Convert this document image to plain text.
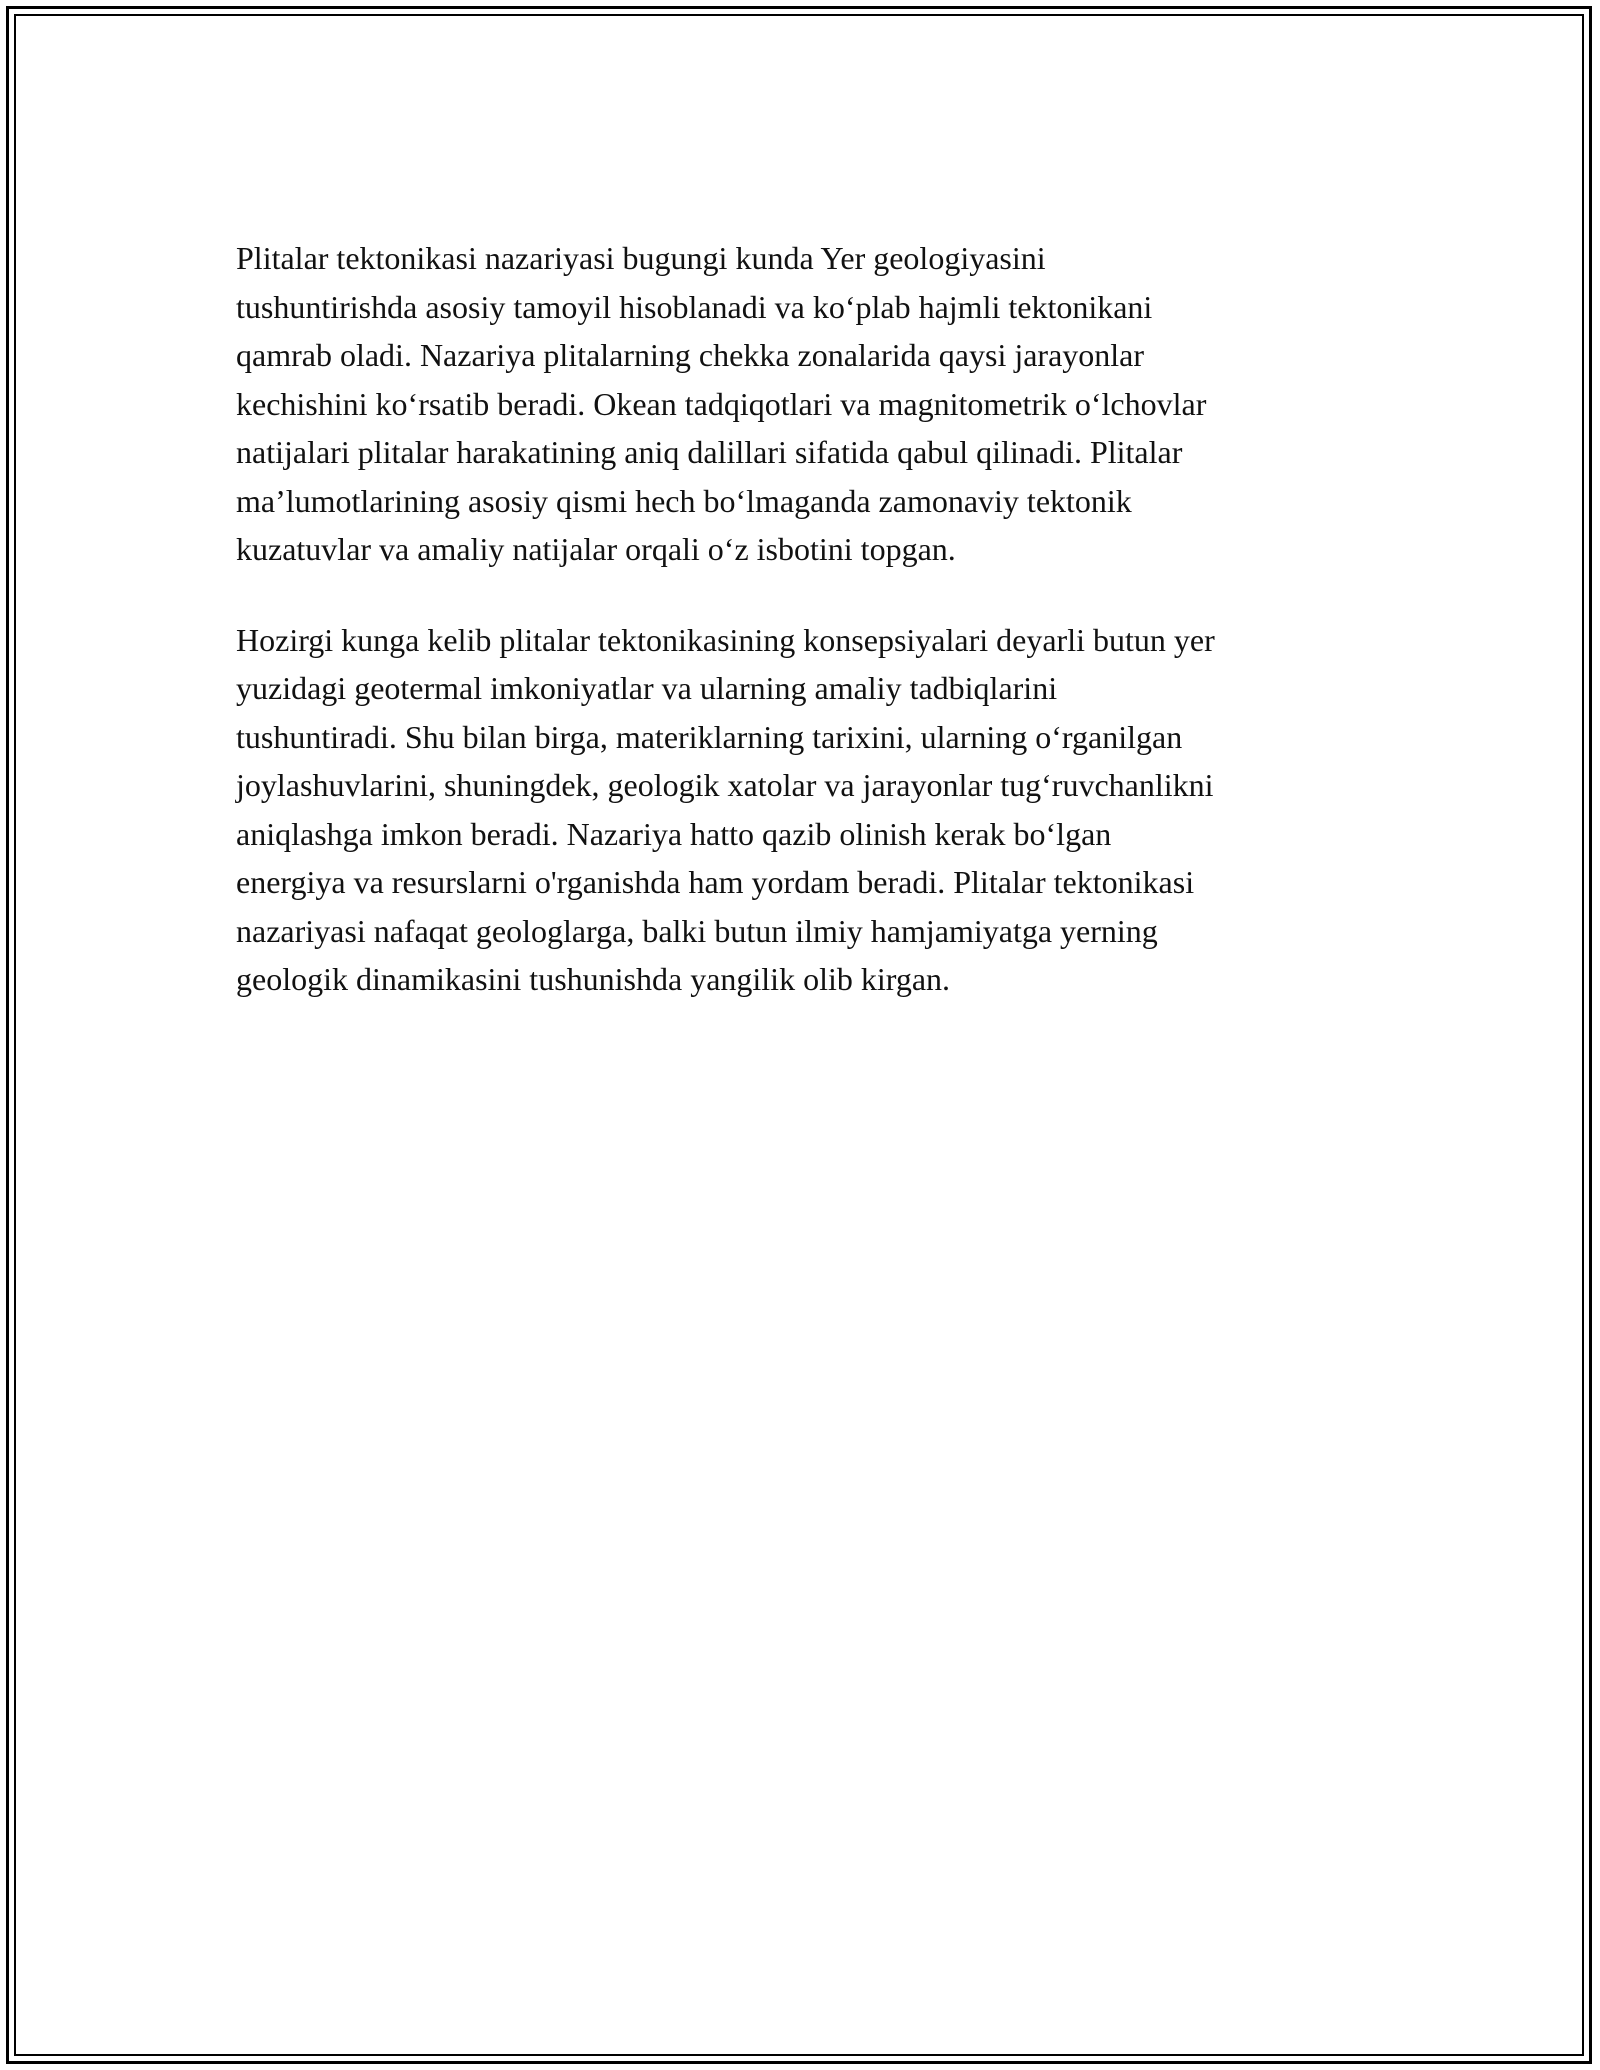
Plitalar tektonikasi nazariyasi bugungi kunda Yer geologiyasini
tushuntirishda asosiy tamoyil hisoblanadi va ko‘plab hajmli tektonikani
qamrab oladi. Nazariya plitalarning chekka zonalarida qaysi jarayonlar
kechishini ko‘rsatib beradi. Okean tadqiqotlari va magnitometrik o‘lchovlar
natijalari plitalar harakatining aniq dalillari sifatida qabul qilinadi. Plitalar
ma’lumotlarining asosiy qismi hech bo‘lmaganda zamonaviy tektonik
kuzatuvlar va amaliy natijalar orqali o‘z isbotini topgan.

Hozirgi kunga kelib plitalar tektonikasining konsepsiyalari deyarli butun yer
yuzidagi geotermal imkoniyatlar va ularning amaliy tadbiqlarini
tushuntiradi. Shu bilan birga, materiklarning tarixini, ularning o‘rganilgan
joylashuvlarini, shuningdek, geologik xatolar va jarayonlar tug‘ruvchanlikni
aniqlashga imkon beradi. Nazariya hatto qazib olinish kerak bo‘lgan
energiya va resurslarni o'rganishda ham yordam beradi. Plitalar tektonikasi
nazariyasi nafaqat geologlarga, balki butun ilmiy hamjamiyatga yerning
geologik dinamikasini tushunishda yangilik olib kirgan.
